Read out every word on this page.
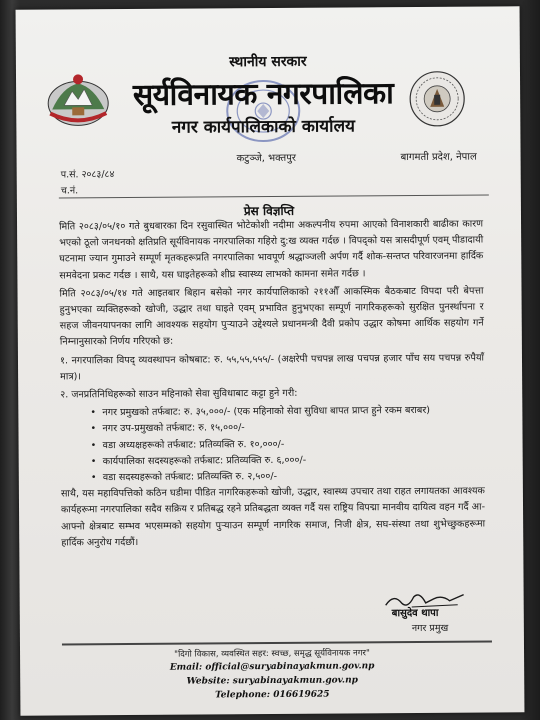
स्थानीय सरकार
सूर्यविनायक नगरपालिका
नगर कार्यपालिकाको कार्यालय
कटुञ्जे, भक्तपुर	बागमती प्रदेश, नेपाल
प.सं. २०८३/८४
च.नं.
प्रेस विज्ञप्ति

मिति २०८३/०५/१० गते बुधबारका दिन रसुवास्थित भोटेकोशी नदीमा अकल्पनीय रुपमा आएको विनाशकारी बाढीका कारण भएको ठूलो जनधनको क्षतिप्रति सूर्यविनायक नगरपालिका गहिरो दु:ख व्यक्त गर्दछ । विपद्को यस त्रासदीपूर्ण एवम् पीडादायी घटनामा ज्यान गुमाउने सम्पूर्ण मृतकहरूप्रति नगरपालिका भावपूर्ण श्रद्धाञ्जली अर्पण गर्दै शोक-सन्तप्त परिवारजनमा हार्दिक समवेदना प्रकट गर्दछ । साथै, यस घाइतेहरूको शीघ्र स्वास्थ्य लाभको कामना समेत गर्दछ ।

मिति २०८३/०५/१४ गते आइतबार बिहान बसेको नगर कार्यपालिकाको २११औँ आकस्मिक बैठकबाट विपदा परी बेपत्ता हुनुभएका व्यक्तिहरूको खोजी, उद्धार तथा घाइते एवम् प्रभावित हुनुभएका सम्पूर्ण नागरिकहरूको सुरक्षित पुनर्स्थापना र सहज जीवनयापनका लागि आवश्यक सहयोग पुऱ्याउने उद्देश्यले प्रधानमन्त्री दैवी प्रकोप उद्धार कोषमा आर्थिक सहयोग गर्ने निम्नानुसारको निर्णय गरिएको छ:

१. नगरपालिका विपद् व्यवस्थापन कोषबाट: रु. ५५,५५,५५५/- (अक्षरेपी पचपन्न लाख पचपन्न हजार पाँच सय पचपन्न रुपैयाँ मात्र)।

२. जनप्रतिनिधिहरूको साउन महिनाको सेवा सुविधाबाट कट्टा हुने गरी:

• नगर प्रमुखको तर्फबाट: रु. ३५,०००/- (एक महिनाको सेवा सुविधा बापत प्राप्त हुने रकम बराबर)

• नगर उप-प्रमुखको तर्फबाट: रु. १५,०००/-

• वडा अध्यक्षहरूको तर्फबाट: प्रतिव्यक्ति रु. १०,०००/-

• कार्यपालिका सदस्यहरूको तर्फबाट: प्रतिव्यक्ति रु. ६,०००/-

• वडा सदस्यहरूको तर्फबाट: प्रतिव्यक्ति रु. २,५००/-

साथै, यस महाविपत्तिको कठिन घडीमा पीडित नागरिकहरूको खोजी, उद्धार, स्वास्थ्य उपचार तथा राहत लगायतका आवश्यक कार्यहरूमा नगरपालिका सदैव सक्रिय र प्रतिबद्ध रहने प्रतिबद्धता व्यक्त गर्दै यस राष्ट्रिय विपद्मा मानवीय दायित्व वहन गर्दै आ-आफ्नो क्षेत्रबाट सम्भव भएसम्मको सहयोग पुऱ्याउन सम्पूर्ण नागरिक समाज, निजी क्षेत्र, सघ-संस्था तथा शुभेच्छुकहरूमा हार्दिक अनुरोध गर्दछौं।

बासुदेव थापा
नगर प्रमुख
"दिगो विकास, व्यवस्थित सहर: स्वच्छ, समृद्ध सूर्यविनायक नगर"
Email: official@suryabinayakmun.gov.np
Website: suryabinayakmun.gov.np
Telephone: 016619625
